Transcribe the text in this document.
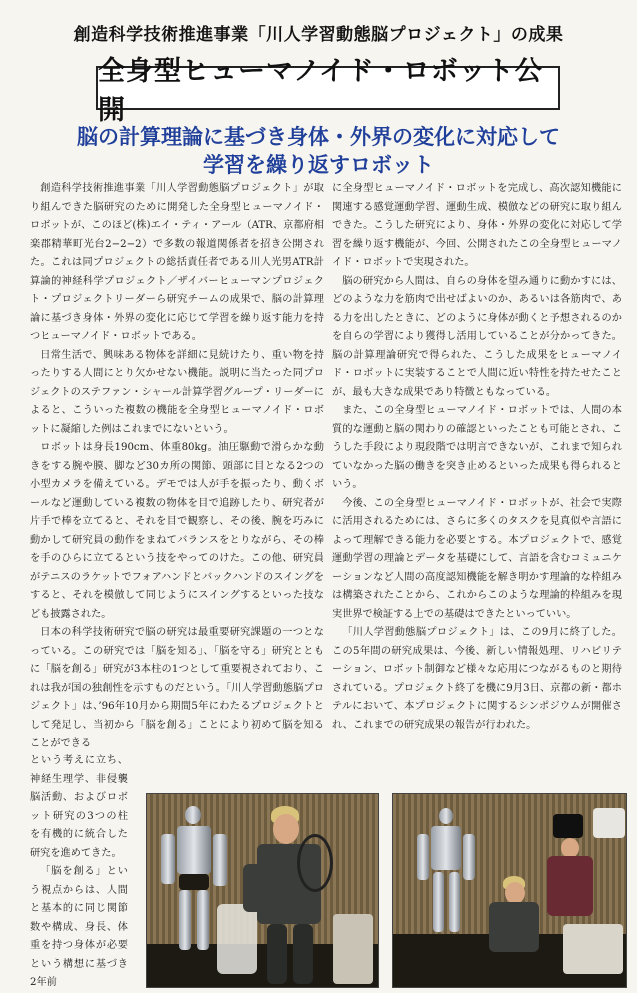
創造科学技術推進事業「川人学習動態脳プロジェクト」の成果
全身型ヒューマノイド・ロボット公開
脳の計算理論に基づき身体・外界の変化に対応して
学習を繰り返すロボット

創造科学技術推進事業「川人学習動態脳プロジェクト」が取り組んできた脳研究のために開発した全身型ヒューマノイド・ロボットが、このほど(株)エイ・ティ・アール（ATR、京都府相楽郡精華町光台2−2−2）で多数の報道関係者を招き公開された。これは同プロジェクトの総括責任者である川人光男ATR計算論的神経科学プロジェクト／ザイバーヒューマンプロジェクト・プロジェクトリーダーら研究チームの成果で、脳の計算理論に基づき身体・外界の変化に応じて学習を繰り返す能力を持つヒューマノイド・ロボットである。

日常生活で、興味ある物体を詳細に見続けたり、重い物を持ったりする人間にとり欠かせない機能。説明に当たった同プロジェクトのステファン・シャール計算学習グループ・リーダーによると、こういった複数の機能を全身型ヒューマノイド・ロボットに凝縮した例はこれまでにないという。

ロボットは身長190cm、体重80kg。油圧駆動で滑らかな動きをする腕や膜、脚など30カ所の関節、頭部に目となる2つの小型カメラを備えている。デモでは人が手を振ったり、動くボールなど運動している複数の物体を目で追跡したり、研究者が片手で棒を立てると、それを目で観察し、その後、腕を巧みに動かして研究員の動作をまねてバランスをとりながら、その棒を手のひらに立てるという技をやってのけた。この他、研究員がテニスのラケットでフォアハンドとバックハンドのスイングをすると、それを模倣して同じようにスイングするといった技なども披露された。

日本の科学技術研究で脳の研究は最重要研究課題の一つとなっている。この研究では「脳を知る」、「脳を守る」研究とともに「脳を創る」研究が3本柱の1つとして重要視されており、これは我が国の独創性を示すものだという。「川人学習動態脳プロジェクト」は、’96年10月から期間5年にわたるプロジェクトとして発足し、当初から「脳を創る」ことにより初めて脳を知ることができる

という考えに立ち、神経生理学、非侵襲脳活動、およびロボット研究の3つの柱を有機的に統合した研究を進めてきた。

「脳を創る」という視点からは、人間と基本的に同じ関節数や構成、身長、体重を持つ身体が必要という構想に基づき2年前

に全身型ヒューマノイド・ロボットを完成し、高次認知機能に関連する感覚運動学習、運動生成、模倣などの研究に取り組んできた。こうした研究により、身体・外界の変化に対応して学習を繰り返す機能が、今回、公開されたこの全身型ヒューマノイド・ロボットで実現された。

脳の研究から人間は、自らの身体を望み通りに動かすには、どのような力を筋肉で出せばよいのか、あるいは各筋肉で、ある力を出したときに、どのように身体が動くと予想されるのかを自らの学習により獲得し活用していることが分かってきた。脳の計算理論研究で得られた、こうした成果をヒューマノイド・ロボットに実装することで人間に近い特性を持たせたことが、最も大きな成果であり特徴ともなっている。

また、この全身型ヒューマノイド・ロボットでは、人間の本質的な運動と脳の関わりの確認といったことも可能とされ、こうした手段により現段階では明言できないが、これまで知られていなかった脳の働きを突き止めるといった成果も得られるという。

今後、この全身型ヒューマノイド・ロボットが、社会で実際に活用されるためには、さらに多くのタスクを見真似や言語によって理解できる能力を必要とする。本プロジェクトで、感覚運動学習の理論とデータを基礎にして、言語を含むコミュニケーションなど人間の高度認知機能を解き明かす理論的な枠組みは構築されたことから、これからこのような理論的枠組みを現実世界で検証する上での基礎はできたといっていい。

「川人学習動態脳プロジェクト」は、この9月に終了した。この5年間の研究成果は、今後、新しい情報処理、リハビリテーション、ロボット制御など様々な応用につながるものと期待されている。プロジェクト終了を機に9月3日、京都の新・都ホテルにおいて、本プロジェクトに関するシンポジウムが開催され、これまでの研究成果の報告が行われた。
